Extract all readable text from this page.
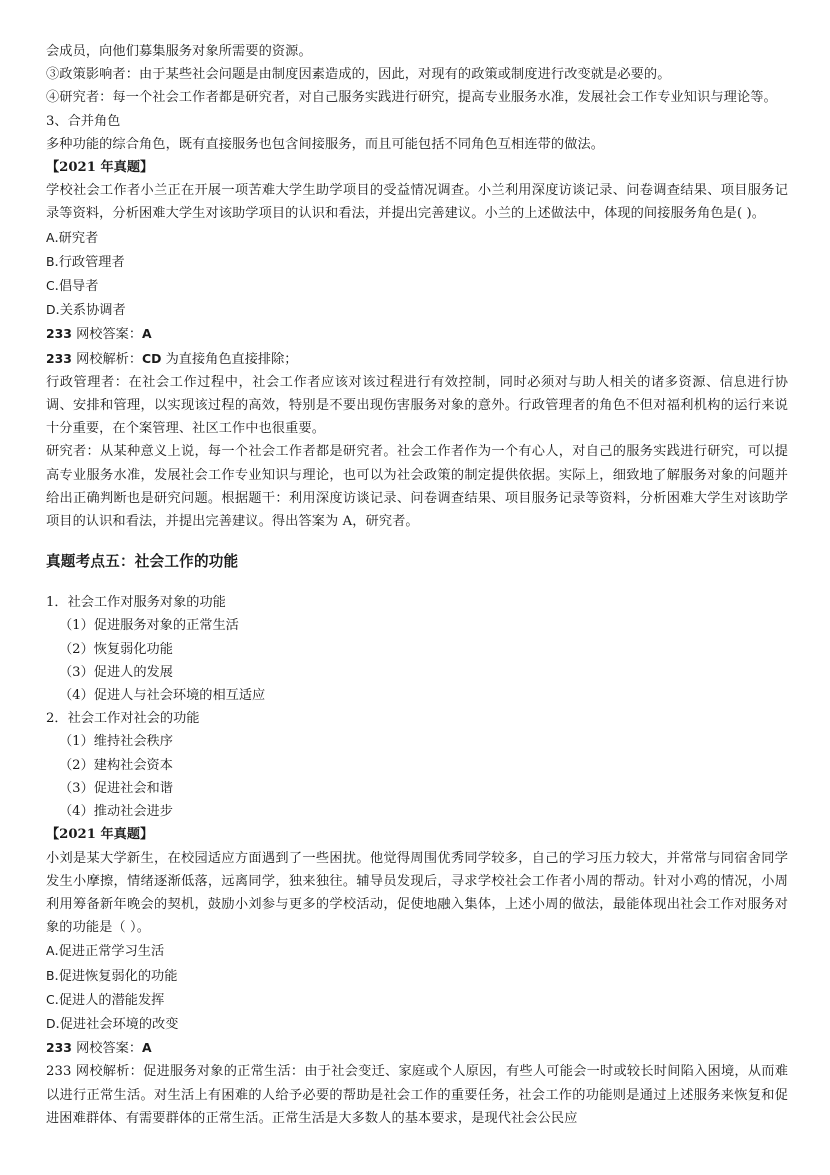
会成员，向他们募集服务对象所需要的资源。

③政策影响者：由于某些社会问题是由制度因素造成的，因此，对现有的政策或制度进行改变就是必要的。

④研究者：每一个社会工作者都是研究者，对自己服务实践进行研究，提高专业服务水准，发展社会工作专业知识与理论等。

3、合并角色

多种功能的综合角色，既有直接服务也包含间接服务，而且可能包括不同角色互相连带的做法。

【2021 年真题】

学校社会工作者小兰正在开展一项苦难大学生助学项目的受益情况调查。小兰利用深度访谈记录、问卷调查结果、项目服务记录等资料，分析困难大学生对该助学项目的认识和看法，并提出完善建议。小兰的上述做法中，体现的间接服务角色是( )。

A.研究者

B.行政管理者

C.倡导者

D.关系协调者

233 网校答案：A

233 网校解析：CD 为直接角色直接排除；

行政管理者：在社会工作过程中，社会工作者应该对该过程进行有效控制，同时必须对与助人相关的诸多资源、信息进行协调、安排和管理，以实现该过程的高效，特别是不要出现伤害服务对象的意外。行政管理者的角色不但对福利机构的运行来说十分重要，在个案管理、社区工作中也很重要。

研究者：从某种意义上说，每一个社会工作者都是研究者。社会工作者作为一个有心人，对自己的服务实践进行研究，可以提高专业服务水准，发展社会工作专业知识与理论，也可以为社会政策的制定提供依据。实际上，细致地了解服务对象的问题并给出正确判断也是研究问题。根据题干：利用深度访谈记录、问卷调查结果、项目服务记录等资料，分析困难大学生对该助学项目的认识和看法，并提出完善建议。得出答案为 A，研究者。

真题考点五：社会工作的功能

1．社会工作对服务对象的功能

（1）促进服务对象的正常生活

（2）恢复弱化功能

（3）促进人的发展

（4）促进人与社会环境的相互适应

2．社会工作对社会的功能

（1）维持社会秩序

（2）建构社会资本

（3）促进社会和谐

（4）推动社会进步

【2021 年真题】

小刘是某大学新生，在校园适应方面遇到了一些困扰。他觉得周围优秀同学较多，自己的学习压力较大，并常常与同宿舍同学发生小摩擦，情绪逐渐低落，远离同学，独来独往。辅导员发现后，寻求学校社会工作者小周的帮动。针对小鸡的情况，小周利用筹备新年晚会的契机，鼓励小刘参与更多的学校活动，促使地融入集体，上述小周的做法，最能体现出社会工作对服务对象的功能是（ ）。

A.促进正常学习生活

B.促进恢复弱化的功能

C.促进人的潜能发挥

D.促进社会环境的改变

233 网校答案：A

233 网校解析：促进服务对象的正常生活：由于社会变迁、家庭或个人原因，有些人可能会一时或较长时间陷入困境，从而难以进行正常生活。对生活上有困难的人给予必要的帮助是社会工作的重要任务，社会工作的功能则是通过上述服务来恢复和促进困难群体、有需要群体的正常生活。正常生活是大多数人的基本要求，是现代社会公民应
